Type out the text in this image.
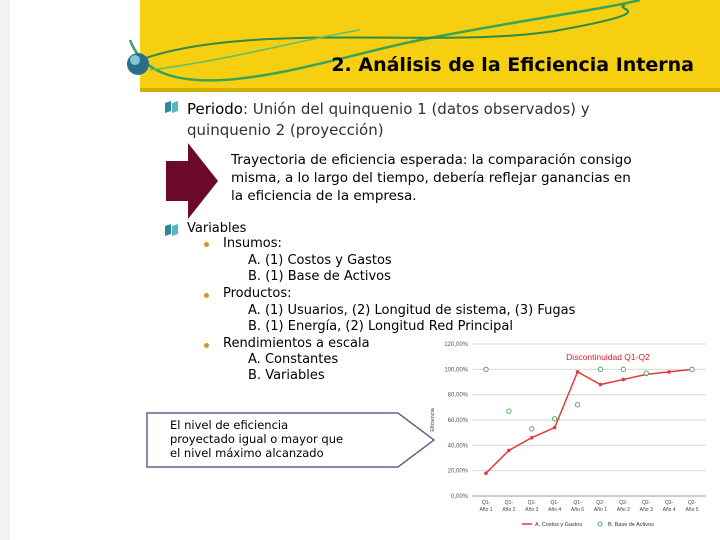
2. Análisis de la Eficiencia Interna
Periodo: Unión del quinquenio 1 (datos observados) y
quinquenio 2 (proyección)
Trayectoria de eficiencia esperada: la comparación consigo
misma, a lo largo del tiempo, debería reflejar ganancias en
la eficiencia de la empresa.
Variables
Insumos:
A. (1) Costos y Gastos
B. (1) Base de Activos
Productos:
A. (1) Usuarios, (2) Longitud de sistema, (3) Fugas
B. (1) Energía, (2) Longitud Red Principal
Rendimientos a escala
A. Constantes
B. Variables
El nivel de eficiencia
proyectado igual o mayor que
el nivel máximo alcanzado
0,00%
20,00%
40,00%
60,00%
80,00%
100,00%
120,00%
Eficiencia
Q1-
Año 1
Q1-
Año 2
Q1-
Año 3
Q1-
Año 4
Q1-
Año 5
Q2-
Año 1
Q2-
Año 2
Q2-
Año 3
Q2-
Año 4
Q2-
Año 5
Discontinuidad Q1-Q2
A. Costos y Gastos	B. Base de Activos
